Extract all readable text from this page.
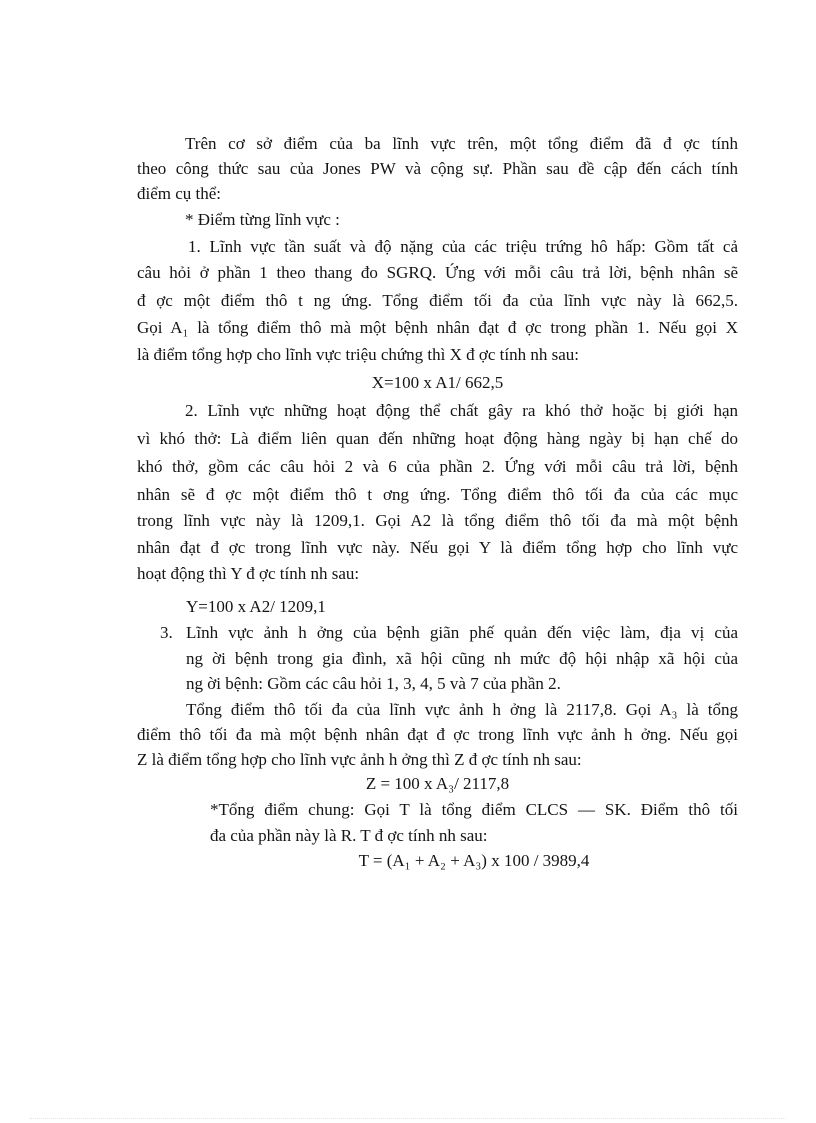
Trên cơ sở điểm của ba lĩnh vực trên, một tổng điểm đã đ ợc tính
theo công thức sau của Jones PW và cộng sự. Phần sau đề cập đến cách tính
điểm cụ thể:
* Điểm từng lĩnh vực :
1. Lĩnh vực tần suất và độ nặng của các triệu trứng hô hấp: Gồm tất cả
câu hỏi ở phần 1 theo thang đo SGRQ. Ứng với mỗi câu trả lời, bệnh nhân sẽ
đ ợc một điểm thô t ng ứng. Tổng điểm tối đa của lĩnh vực này là 662,5.
Gọi A₁ là tổng điểm thô mà một bệnh nhân đạt đ ợc trong phần 1. Nếu gọi X
là điểm tổng hợp cho lĩnh vực triệu chứng thì X đ ợc tính nh sau:
X=100 x A1/ 662,5
2. Lĩnh vực những hoạt động thể chất gây ra khó thở hoặc bị giới hạn
vì khó thở: Là điểm liên quan đến những hoạt động hàng ngày bị hạn chế do
khó thở, gồm các câu hỏi 2 và 6 của phần 2. Ứng với mỗi câu trả lời, bệnh
nhân sẽ đ ợc một điểm thô t ơng ứng. Tổng điểm thô tối đa của các mục
trong lĩnh vực này là 1209,1. Gọi A2 là tổng điểm thô tối đa mà một bệnh
nhân đạt đ ợc trong lĩnh vực này. Nếu gọi Y là điểm tổng hợp cho lĩnh vực
hoạt động thì Y đ ợc tính nh sau:
Y=100 x A2/ 1209,1
3. Lĩnh vực ảnh h ởng của bệnh giãn phế quản đến việc làm, địa vị của
ng ời bệnh trong gia đình, xã hội cũng nh mức độ hội nhập xã hội của
ng ời bệnh: Gồm các câu hỏi 1, 3, 4, 5 và 7 của phần 2.
Tổng điểm thô tối đa của lĩnh vực ảnh h ởng là 2117,8. Gọi A₃ là tổng
điểm thô tối đa mà một bệnh nhân đạt đ ợc trong lĩnh vực ảnh h ởng. Nếu gọi
Z là điểm tổng hợp cho lĩnh vực ảnh h ởng thì Z đ ợc tính nh sau:
Z = 100 x A₃/ 2117,8
*Tổng điểm chung: Gọi T là tổng điểm CLCS — SK. Điểm thô tối
đa của phần này là R. T đ ợc tính nh sau:
T = (A₁ + A₂ + A₃) x 100 / 3989,4
